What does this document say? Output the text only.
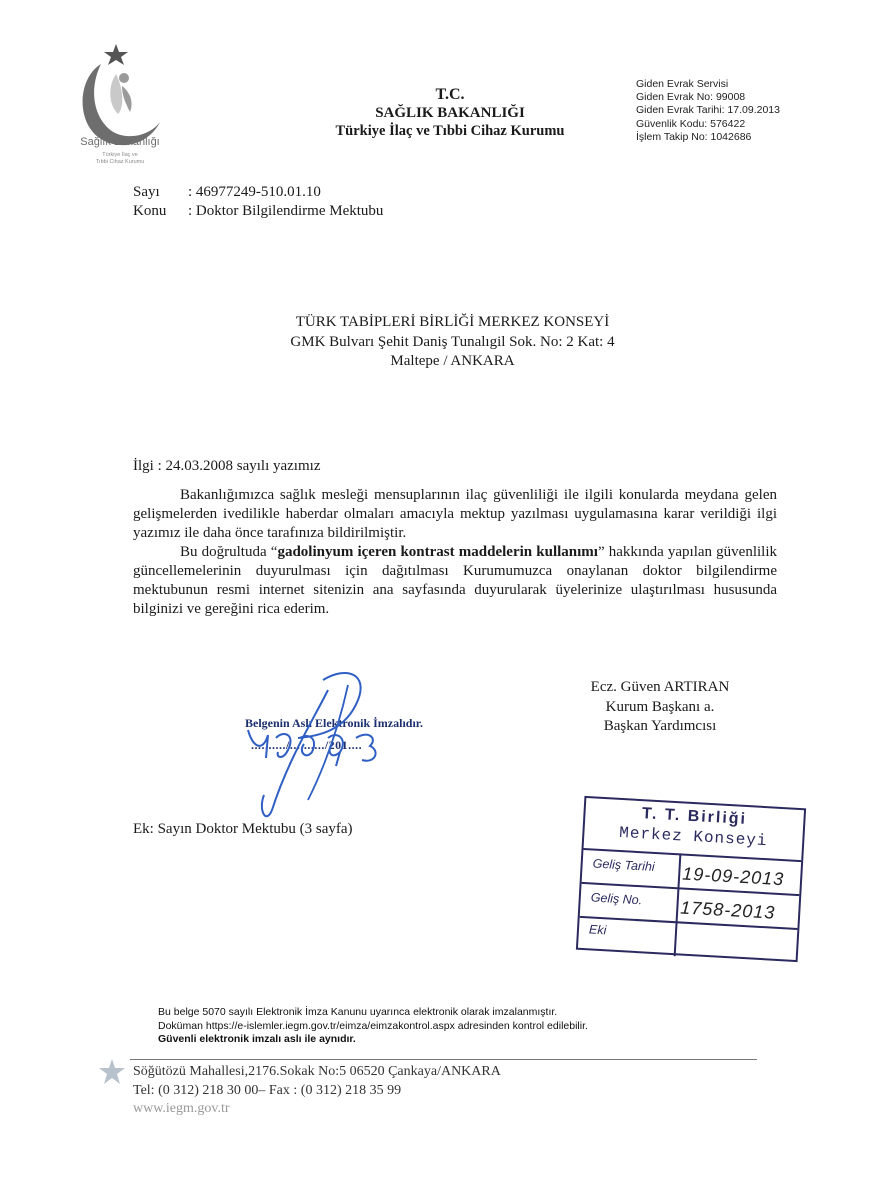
Sağlık Bakanlığı
Türkiye İlaç ve
Tıbbi Cihaz Kurumu
T.C.
SAĞLIK BAKANLIĞI
Türkiye İlaç ve Tıbbi Cihaz Kurumu
Giden Evrak Servisi
Giden Evrak No: 99008
Giden Evrak Tarihi: 17.09.2013
Güvenlik Kodu: 576422
İşlem Takip No: 1042686
Sayı : 46977249-510.01.10
Konu : Doktor Bilgilendirme Mektubu
TÜRK TABİPLERİ BİRLİĞİ MERKEZ KONSEYİ
GMK Bulvarı Şehit Daniş Tunalıgil Sok. No: 2 Kat: 4
Maltepe / ANKARA
İlgi : 24.03.2008 sayılı yazımız
Bakanlığımızca sağlık mesleği mensuplarının ilaç güvenliliği ile ilgili konularda meydana gelen gelişmelerden ivedilikle haberdar olmaları amacıyla mektup yazılması uygulamasına karar verildiği ilgi yazımız ile daha önce tarafınıza bildirilmiştir.
Bu doğrultuda “gadolinyum içeren kontrast maddelerin kullanımı” hakkında yapılan güvenlilik güncellemelerinin duyurulması için dağıtılması Kurumumuzca onaylanan doktor bilgilendirme mektubunun resmi internet sitenizin ana sayfasında duyurularak üyelerinize ulaştırılması hususunda bilginizi ve gereğini rica ederim.
Ecz. Güven ARTIRAN
Kurum Başkanı a.
Başkan Yardımcısı
Belgenin Aslı Elektronik İmzalıdır.
........../........../201....
Ek: Sayın Doktor Mektubu (3 sayfa)
T. T. Birliği
Merkez Konseyi
Geliş Tarihi 19-09-2013
Geliş No. 1758-2013
Eki
Bu belge 5070 sayılı Elektronik İmza Kanunu uyarınca elektronik olarak imzalanmıştır.
Doküman https://e-islemler.iegm.gov.tr/eimza/eimzakontrol.aspx adresinden kontrol edilebilir.
Güvenli elektronik imzalı aslı ile aynıdır.
Söğütözü Mahallesi,2176.Sokak No:5 06520 Çankaya/ANKARA
Tel: (0 312) 218 30 00– Fax : (0 312) 218 35 99
www.iegm.gov.tr
